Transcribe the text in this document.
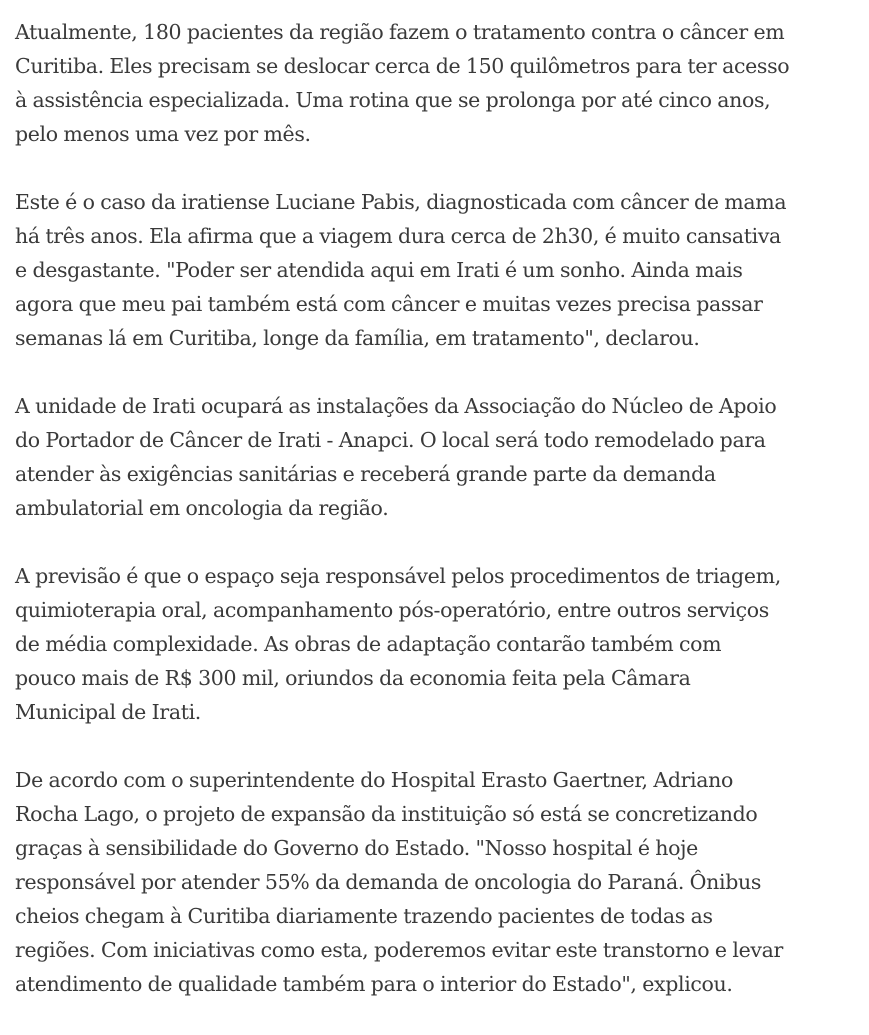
Atualmente, 180 pacientes da região fazem o tratamento contra o câncer em
Curitiba. Eles precisam se deslocar cerca de 150 quilômetros para ter acesso
à assistência especializada. Uma rotina que se prolonga por até cinco anos,
pelo menos uma vez por mês.

Este é o caso da iratiense Luciane Pabis, diagnosticada com câncer de mama
há três anos. Ela afirma que a viagem dura cerca de 2h30, é muito cansativa
e desgastante. "Poder ser atendida aqui em Irati é um sonho. Ainda mais
agora que meu pai também está com câncer e muitas vezes precisa passar
semanas lá em Curitiba, longe da família, em tratamento", declarou.

A unidade de Irati ocupará as instalações da Associação do Núcleo de Apoio
do Portador de Câncer de Irati - Anapci. O local será todo remodelado para
atender às exigências sanitárias e receberá grande parte da demanda
ambulatorial em oncologia da região.

A previsão é que o espaço seja responsável pelos procedimentos de triagem,
quimioterapia oral, acompanhamento pós-operatório, entre outros serviços
de média complexidade. As obras de adaptação contarão também com
pouco mais de R$ 300 mil, oriundos da economia feita pela Câmara
Municipal de Irati.

De acordo com o superintendente do Hospital Erasto Gaertner, Adriano
Rocha Lago, o projeto de expansão da instituição só está se concretizando
graças à sensibilidade do Governo do Estado. "Nosso hospital é hoje
responsável por atender 55% da demanda de oncologia do Paraná. Ônibus
cheios chegam à Curitiba diariamente trazendo pacientes de todas as
regiões. Com iniciativas como esta, poderemos evitar este transtorno e levar
atendimento de qualidade também para o interior do Estado", explicou.
